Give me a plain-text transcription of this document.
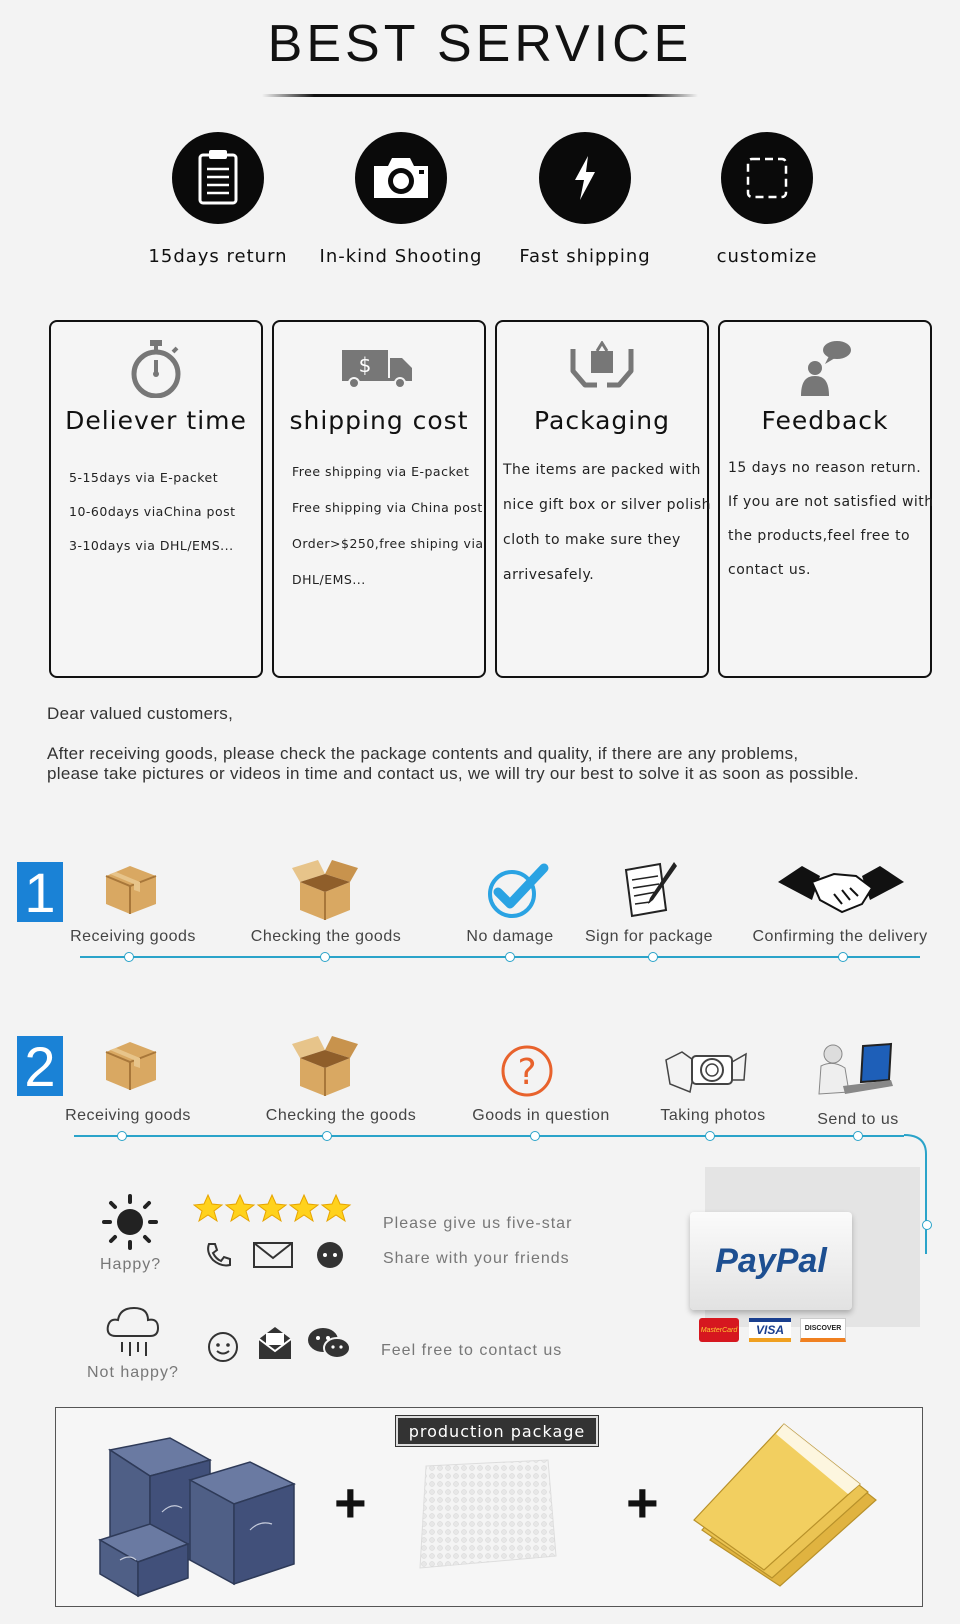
BEST SERVICE
15days return	In-kind Shooting	Fast shipping	customize
Deliever time
5-15days via E-packet
10-60days viaChina post
3-10days via DHL/EMS...
$
shipping cost
Free shipping via E-packet
Free shipping via China post
Order>$250,free shiping via
DHL/EMS...
Packaging
The items are packed with
nice gift box or silver polish
cloth to make sure they
arrivesafely.
Feedback
15 days no reason return.
If you are not satisfied with
the products,feel free to
contact us.
Dear valued customers,
After receiving goods, please check the package contents and quality, if there are any problems,
please take pictures or videos in time and contact us, we will try our best to solve it as soon as possible.
1
Receiving goods	Checking the goods	No damage Sign for package Confirming the delivery
2	?
Receiving goods	Checking the goods	Goods in question	Taking photos	Send to us
Happy?
Please give us five-star
Share with your friends
Not happy?
Feel free to contact us
PayPal
MasterCard VISA	DISCOVER
production package
+	+
